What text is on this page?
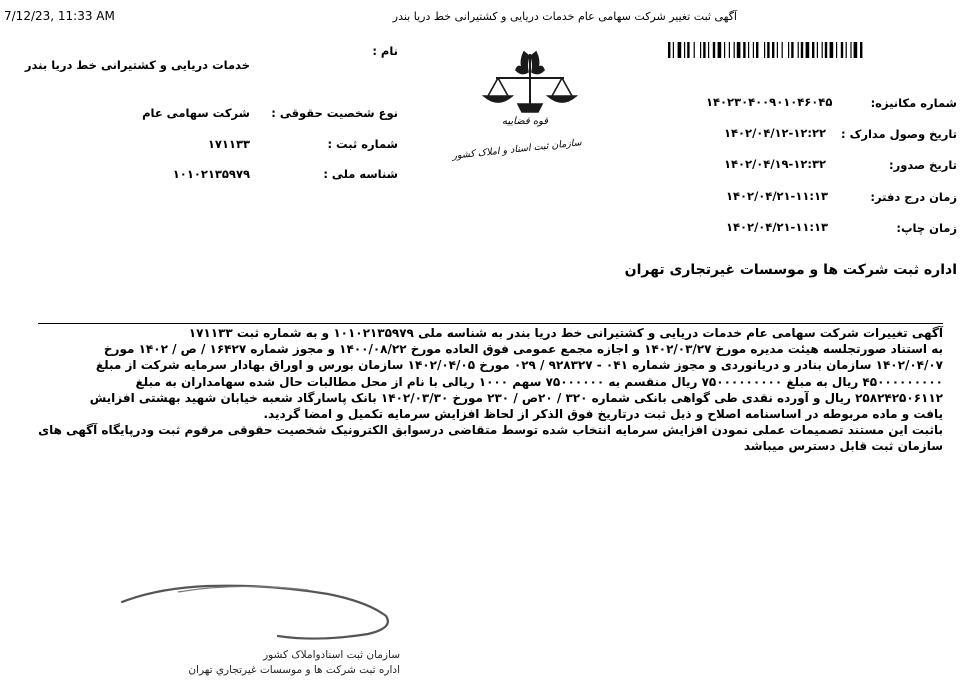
7/12/23, 11:33 AM	آگهی ثبت تغییر شرکت سهامی عام خدمات دریایی و کشتیرانی خط دریا بندر
قوه قضاییه
سازمان ثبت اسناد و املاک کشور
نام :
خدمات دریایی و کشتیرانی خط دریا بندر
نوع شخصیت حقوقی :
شرکت سهامی عام
شماره ثبت :
۱۷۱۱۳۳
شناسه ملی :
۱۰۱۰۲۱۳۵۹۷۹
شماره مکانیزه:
۱۴۰۲۳۰۴۰۰۹۰۱۰۴۶۰۴۵
تاریخ وصول مدارک :
۱۴۰۲/۰۴/۱۲-۱۲:۲۲
تاریخ صدور:
۱۴۰۲/۰۴/۱۹-۱۲:۳۲
زمان درج دفتر:
۱۴۰۲/۰۴/۲۱-۱۱:۱۳
زمان چاپ:
۱۴۰۲/۰۴/۲۱-۱۱:۱۳
اداره ثبت شرکت ها و موسسات غیرتجاری تهران

آگهی تغییرات شرکت سهامی عام خدمات دریایی و کشتیرانی خط دریا بندر به شناسه ملی ۱۰۱۰۲۱۳۵۹۷۹ و به شماره ثبت ۱۷۱۱۳۳

به استناد صورتجلسه هیئت مدیره مورخ ۱۴۰۲/۰۳/۲۷ و اجازه مجمع عمومی فوق العاده مورخ ۱۴۰۰/۰۸/۲۲ و مجوز شماره ۱۶۴۲۷ / ص / ۱۴۰۲ مورخ

۱۴۰۲/۰۴/۰۷ سازمان بنادر و دریانوردی و مجوز شماره ۰۴۱ - ۹۲۸۳۲۷ / ۰۲۹ مورخ ۱۴۰۲/۰۴/۰۵ سازمان بورس و اوراق بهادار سرمایه شرکت از مبلغ

۴۵۰۰۰۰۰۰۰۰۰ ریال به مبلغ ۷۵۰۰۰۰۰۰۰۰۰ ریال منقسم به ۷۵۰۰۰۰۰۰ سهم ۱۰۰۰ ریالی با نام از محل مطالبات حال شده سهامداران به مبلغ

۲۵۸۲۴۲۵۰۶۱۱۲ ریال و آورده نقدی طی گواهی بانکی شماره ۳۲۰ / ۲۰ص / ۲۳۰ مورخ ۱۴۰۲/۰۳/۳۰ بانک پاسارگاد شعبه خیابان شهید بهشتی افزایش

یافت و ماده مربوطه در اساسنامه اصلاح و ذیل ثبت درتاریخ فوق الذکر از لحاظ افزایش سرمایه تکمیل و امضا گردید.

باثبت این مستند تصمیمات عملی نمودن افزایش سرمایه انتخاب شده توسط متقاضی درسوابق الکترونیک شخصیت حقوقی مرقوم ثبت ودرپایگاه آگهی های

سازمان ثبت قابل دسترس میباشد

سازمان ثبت اسنادواملاک کشور
اداره ثبت شرکت ها و موسسات غیرتجاري تهران
